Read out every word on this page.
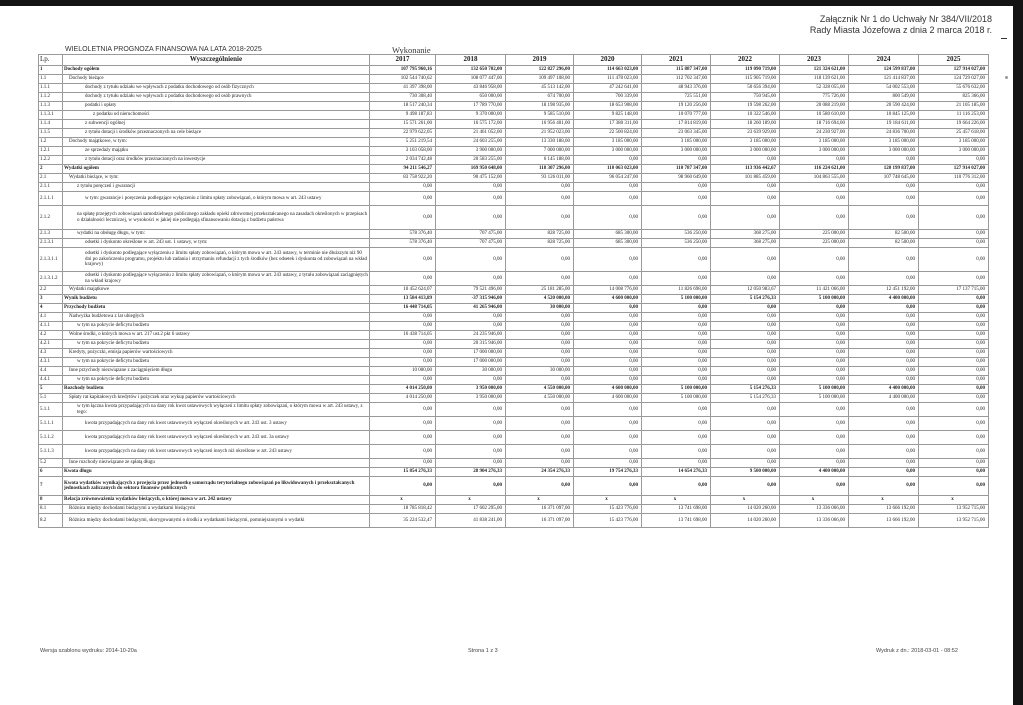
Załącznik Nr 1 do Uchwały Nr 384/VII/2018
Rady Miasta Józefowa z dnia 2 marca 2018 r.
WIELOLETNIA PROGNOZA FINANSOWA NA LATA 2018-2025	Wykonanie
Lp.	Wyszczególnienie	2017	2018	2019	2020	2021	2022	2023	2024	2025
1	Dochody ogółem	107 795 960,16	132 650 702,00	122 827 296,00	114 663 023,00	115 887 347,00	119 090 719,00	121 324 621,00	124 599 837,00	127 914 027,00
1.1	Dochody bieżące	102 544 740,62	108 077 447,00	109 497 108,00	111 478 023,00	112 702 347,00	115 905 719,00	118 139 621,00	121 414 837,00	124 729 027,00
1.1.1	dochody z tytułu udziału we wpływach z podatku dochodowego od osób fizycznych	41 397 398,00	43 846 958,00	45 513 142,00	47 242 641,00	48 943 376,00	50 656 394,00	52 328 055,00	54 002 553,00	55 676 632,00
1.1.2	dochody z tytułu udziału we wpływach z podatku dochodowego od osób prawnych	730 308,40	650 000,00	674 700,00	700 339,00	725 551,00	750 945,00	775 726,00	800 549,00	825 366,00
1.1.3	podatki i opłaty	18 517 240,34	17 789 770,00	18 198 935,00	18 653 908,00	19 120 256,00	19 598 262,00	20 088 219,00	20 590 424,00	21 105 185,00
1.1.3.1	z podatku od nieruchomości	9 498 187,83	9 370 000,00	9 585 510,00	9 825 148,00	10 070 777,00	10 322 546,00	10 580 610,00	10 845 125,00	11 116 253,00
1.1.4	z subwencji ogólnej	15 571 261,00	16 575 172,00	16 956 401,00	17 380 311,00	17 814 819,00	18 260 189,00	18 716 694,00	19 184 611,00	19 664 226,00
1.1.5	z tytułu dotacji i środków przeznaczonych na cele bieżące	22 979 622,05	21 461 052,00	21 952 023,00	22 500 824,00	23 063 345,00	23 639 929,00	24 230 927,00	24 836 700,00	25 457 618,00
1.2	Dochody majątkowe, w tym:	5 251 219,54	24 603 255,00	13 330 188,00	3 185 000,00	3 185 000,00	3 185 000,00	3 185 000,00	3 185 000,00	3 185 000,00
1.2.1	ze sprzedaży majątku	3 103 058,00	3 900 000,00	7 000 000,00	3 000 000,00	3 000 000,00	3 000 000,00	3 000 000,00	3 000 000,00	3 000 000,00
1.2.2	z tytułu dotacji oraz środków przeznaczonych na inwestycje	2 034 742,48	20 583 255,00	6 145 188,00	0,00	0,00	0,00	0,00	0,00	0,00
2	Wydatki ogółem	94 211 546,27	169 950 648,00	118 307 296,00	110 063 023,00	110 787 347,00	113 936 442,67	116 224 621,00	120 199 837,00	127 914 027,00
2.1	Wydatki bieżące, w tym:	83 758 922,20	90 475 152,00	93 126 011,00	96 054 247,00	98 960 649,00	101 885 459,00	104 863 555,00	107 748 645,00	110 776 312,00
2.1.1	z tytułu poręczeń i gwarancji	0,00	0,00	0,00	0,00	0,00	0,00	0,00	0,00	0,00
2.1.1.1	w tym: gwarancje i poręczenia podlegające wyłączeniu z limitu spłaty zobowiązań, o którym mowa w art. 243 ustawy	0,00	0,00	0,00	0,00	0,00	0,00	0,00	0,00	0,00
2.1.2	na spłatę przejętych zobowiązań samodzielnego publicznego zakładu opieki zdrowotnej przekształcanego na zasadach określonych w przepisach o działalności leczniczej, w wysokości w jakiej nie podlegają sfinansowaniu dotacją z budżetu państwa	0,00	0,00	0,00	0,00	0,00	0,00	0,00	0,00	0,00
2.1.3	wydatki na obsługę długu, w tym:	578 376,40	707 475,00	828 725,00	685 300,00	536 250,00	368 275,00	225 000,00	82 500,00	0,00
2.1.3.1	odsetki i dyskonto określone w art. 243 ust. 1 ustawy, w tym:	578 376,40	707 475,00	828 725,00	685 300,00	536 250,00	368 275,00	225 000,00	82 500,00	0,00
2.1.3.1.1	odsetki i dyskonto podlegające wyłączeniu z limitu spłaty zobowiązań, o którym mowa w art. 243 ustawy, w terminie nie dłuższym niż 90 dni po zakończeniu programu, projektu lub zadania i otrzymaniu refundacji z tych środków (bez odsetek i dyskonta od zobowiązań na wkład krajowy)	0,00	0,00	0,00	0,00	0,00	0,00	0,00	0,00	0,00
2.1.3.1.2	odsetki i dyskonto podlegające wyłączeniu z limitu spłaty zobowiązań, o którym mowa w art. 243 ustawy, z tytułu zobowiązań zaciągniętych na wkład krajowy	0,00	0,00	0,00	0,00	0,00	0,00	0,00	0,00	0,00
2.2	Wydatki majątkowe	10 452 624,07	79 521 496,00	25 181 285,00	14 008 776,00	11 826 698,00	12 050 983,67	11 421 066,00	12 451 192,00	17 137 715,00
3	Wynik budżetu	13 584 413,89	-37 315 946,00	4 520 000,00	4 600 000,00	5 100 000,00	5 154 276,33	5 100 000,00	4 400 000,00	0,00
4	Przychody budżetu	16 448 714,05	41 265 946,00	30 000,00	0,00	0,00	0,00	0,00	0,00	0,00
4.1	Nadwyżka budżetowa z lat ubiegłych	0,00	0,00	0,00	0,00	0,00	0,00	0,00	0,00	0,00
4.1.1	w tym na pokrycie deficytu budżetu	0,00	0,00	0,00	0,00	0,00	0,00	0,00	0,00	0,00
4.2	Wolne środki, o których mowa w art. 217 ust.2 pkt 6 ustawy	16 438 714,05	24 235 946,00	0,00	0,00	0,00	0,00	0,00	0,00	0,00
4.2.1	w tym na pokrycie deficytu budżetu	0,00	20 315 946,00	0,00	0,00	0,00	0,00	0,00	0,00	0,00
4.3	Kredyty, pożyczki, emisja papierów wartościowych	0,00	17 000 000,00	0,00	0,00	0,00	0,00	0,00	0,00	0,00
4.3.1	w tym na pokrycie deficytu budżetu	0,00	17 000 000,00	0,00	0,00	0,00	0,00	0,00	0,00	0,00
4.4	Inne przychody niezwiązane z zaciągnięciem długu	10 000,00	30 000,00	30 000,00	0,00	0,00	0,00	0,00	0,00	0,00
4.4.1	w tym na pokrycie deficytu budżetu	0,00	0,00	0,00	0,00	0,00	0,00	0,00	0,00	0,00
5	Rozchody budżetu	4 014 250,00	3 950 000,00	4 550 000,00	4 600 000,00	5 100 000,00	5 154 276,33	5 100 000,00	4 400 000,00	0,00
5.1	Spłaty rat kapitałowych kredytów i pożyczek oraz wykup papierów wartościowych	4 014 250,00	3 950 000,00	4 550 000,00	4 600 000,00	5 100 000,00	5 154 276,33	5 100 000,00	4 400 000,00	0,00
5.1.1	w tym łączna kwota przypadających na dany rok kwot ustawowych wyłączeń z limitu spłaty zobowiązań, o którym mowa w art. 243 ustawy, z tego:	0,00	0,00	0,00	0,00	0,00	0,00	0,00	0,00	0,00
5.1.1.1	kwota przypadających na dany rok kwot ustawowych wyłączeń określonych w art. 243 ust. 3 ustawy	0,00	0,00	0,00	0,00	0,00	0,00	0,00	0,00	0,00
5.1.1.2	kwota przypadających na dany rok kwot ustawowych wyłączeń określonych w art. 243 ust. 3a ustawy	0,00	0,00	0,00	0,00	0,00	0,00	0,00	0,00	0,00
5.1.1.3	kwota przypadających na dany rok kwot ustawowych wyłączeń innych niż określone w art. 243 ustawy	0,00	0,00	0,00	0,00	0,00	0,00	0,00	0,00	0,00
5.2	Inne rozchody niezwiązane ze spłatą długu	0,00	0,00	0,00	0,00	0,00	0,00	0,00	0,00	0,00
6	Kwota długu	15 854 276,33	28 904 276,33	24 354 276,33	19 754 276,33	14 654 276,33	9 500 000,00	4 400 000,00	0,00	0,00
7	Kwota wydatków wynikających z przejęcia przez jednostkę samorządu terytorialnego zobowiązań po likwidowanych i przekształcanych jednostkach zaliczanych do sektora finansów publicznych	0,00	0,00	0,00	0,00	0,00	0,00	0,00	0,00	0,00
8	Relacja zrównoważenia wydatków bieżących, o której mowa w art. 242 ustawy	x	x	x	x	x	x	x	x	x
8.1	Różnica między dochodami bieżącymi a wydatkami bieżącymi	18 785 818,42	17 602 295,00	16 371 097,00	15 423 776,00	13 741 698,00	14 020 260,00	13 336 066,00	13 666 192,00	13 952 715,00
8.2	Różnica między dochodami bieżącymi, skorygowanymi o środki a wydatkami bieżącymi, pomniejszonymi o wydatki	35 224 532,47	41 838 241,00	16 371 097,00	15 423 776,00	13 741 698,00	14 020 260,00	13 336 066,00	13 666 192,00	13 952 715,00
Wersja szablonu wydruku: 2014-10-20a	Strona 1 z 3	Wydruk z dn.: 2018-03-01 - 08:52
